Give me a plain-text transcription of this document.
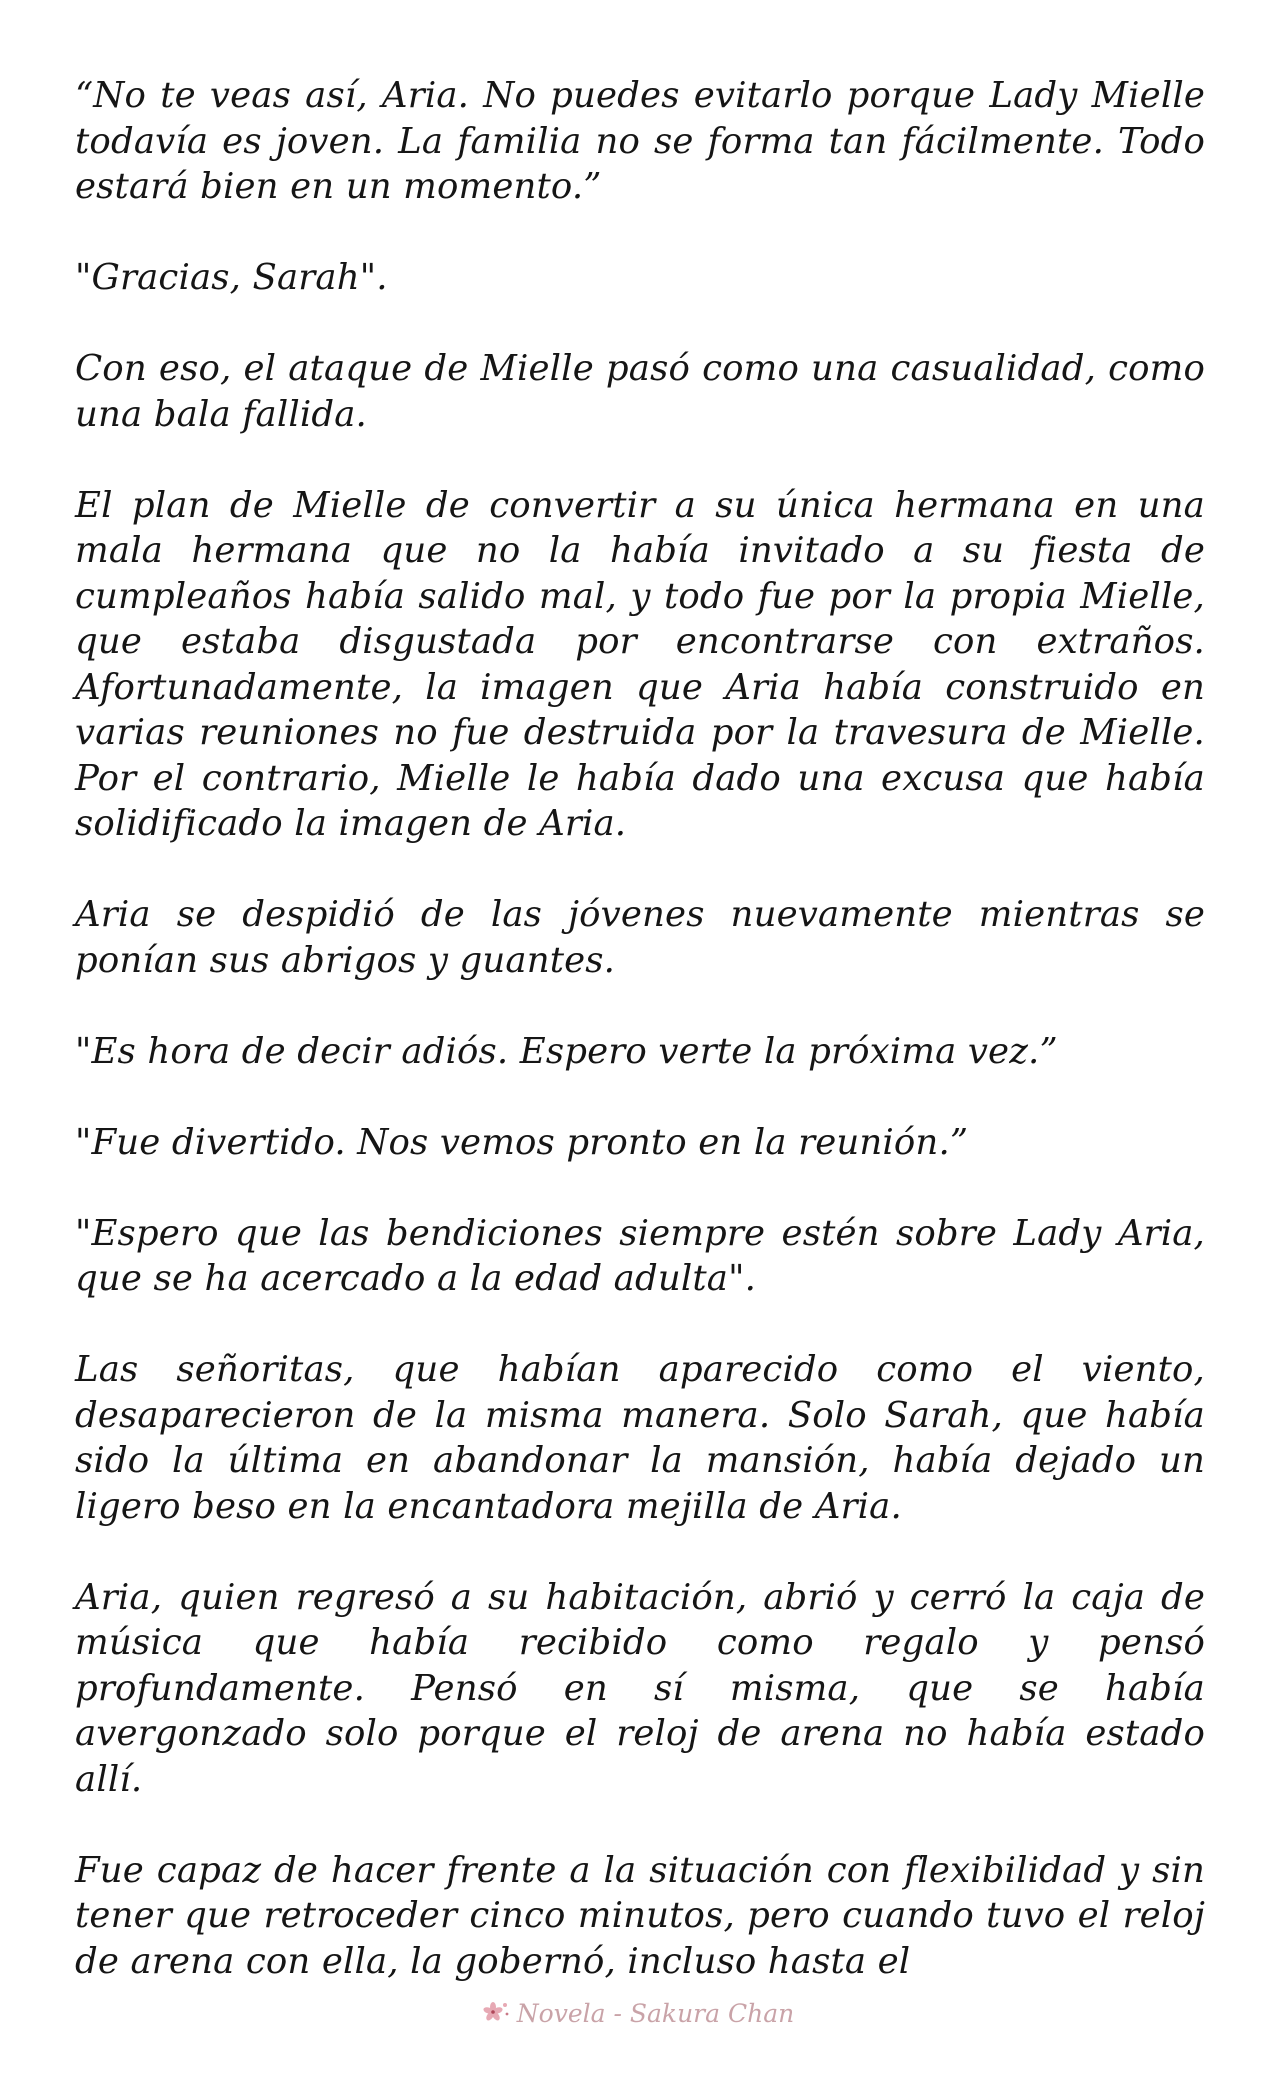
“No te veas así, Aria. No puedes evitarlo porque Lady Mielle todavía es joven. La familia no se forma tan fácilmente. Todo estará bien en un momento.”

"Gracias, Sarah".

Con eso, el ataque de Mielle pasó como una casualidad, como una bala fallida.

El plan de Mielle de convertir a su única hermana en una mala hermana que no la había invitado a su fiesta de cumpleaños había salido mal, y todo fue por la propia Mielle, que estaba disgustada por encontrarse con extraños. Afortunadamente, la imagen que Aria había construido en varias reuniones no fue destruida por la travesura de Mielle. Por el contrario, Mielle le había dado una excusa que había solidificado la imagen de Aria.

Aria se despidió de las jóvenes nuevamente mientras se ponían sus abrigos y guantes.

"Es hora de decir adiós. Espero verte la próxima vez.”

"Fue divertido. Nos vemos pronto en la reunión.”

"Espero que las bendiciones siempre estén sobre Lady Aria, que se ha acercado a la edad adulta".

Las señoritas, que habían aparecido como el viento, desaparecieron de la misma manera. Solo Sarah, que había sido la última en abandonar la mansión, había dejado un ligero beso en la encantadora mejilla de Aria.

Aria, quien regresó a su habitación, abrió y cerró la caja de música que había recibido como regalo y pensó profundamente. Pensó en sí misma, que se había avergonzado solo porque el reloj de arena no había estado allí.

Fue capaz de hacer frente a la situación con flexibilidad y sin tener que retroceder cinco minutos, pero cuando tuvo el reloj de arena con ella, la gobernó, incluso hasta el

Novela - Sakura Chan
